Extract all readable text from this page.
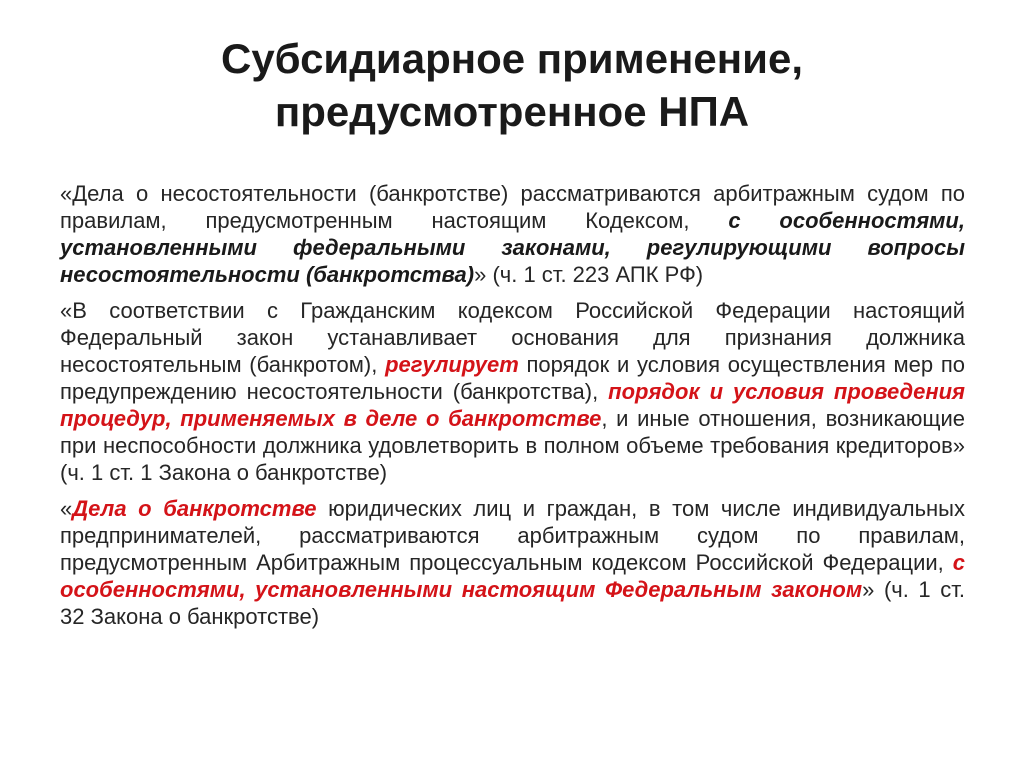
Субсидиарное применение,
предусмотренное НПА

«Дела о несостоятельности (банкротстве) рассматриваются арбитражным судом по правилам, предусмотренным настоящим Кодексом, с особенностями, установленными федеральными законами, регулирующими вопросы несостоятельности (банкротства)» (ч. 1 ст. 223 АПК РФ)

«В соответствии с Гражданским кодексом Российской Федерации настоящий Федеральный закон устанавливает основания для признания должника несостоятельным (банкротом), регулирует порядок и условия осуществления мер по предупреждению несостоятельности (банкротства), порядок и условия проведения процедур, применяемых в деле о банкротстве, и иные отношения, возникающие при неспособности должника удовлетворить в полном объеме требования кредиторов» (ч. 1 ст. 1 Закона о банкротстве)

«Дела о банкротстве юридических лиц и граждан, в том числе индивидуальных предпринимателей, рассматриваются арбитражным судом по правилам, предусмотренным Арбитражным процессуальным кодексом Российской Федерации, с особенностями, установленными настоящим Федеральным законом» (ч. 1 ст. 32 Закона о банкротстве)
